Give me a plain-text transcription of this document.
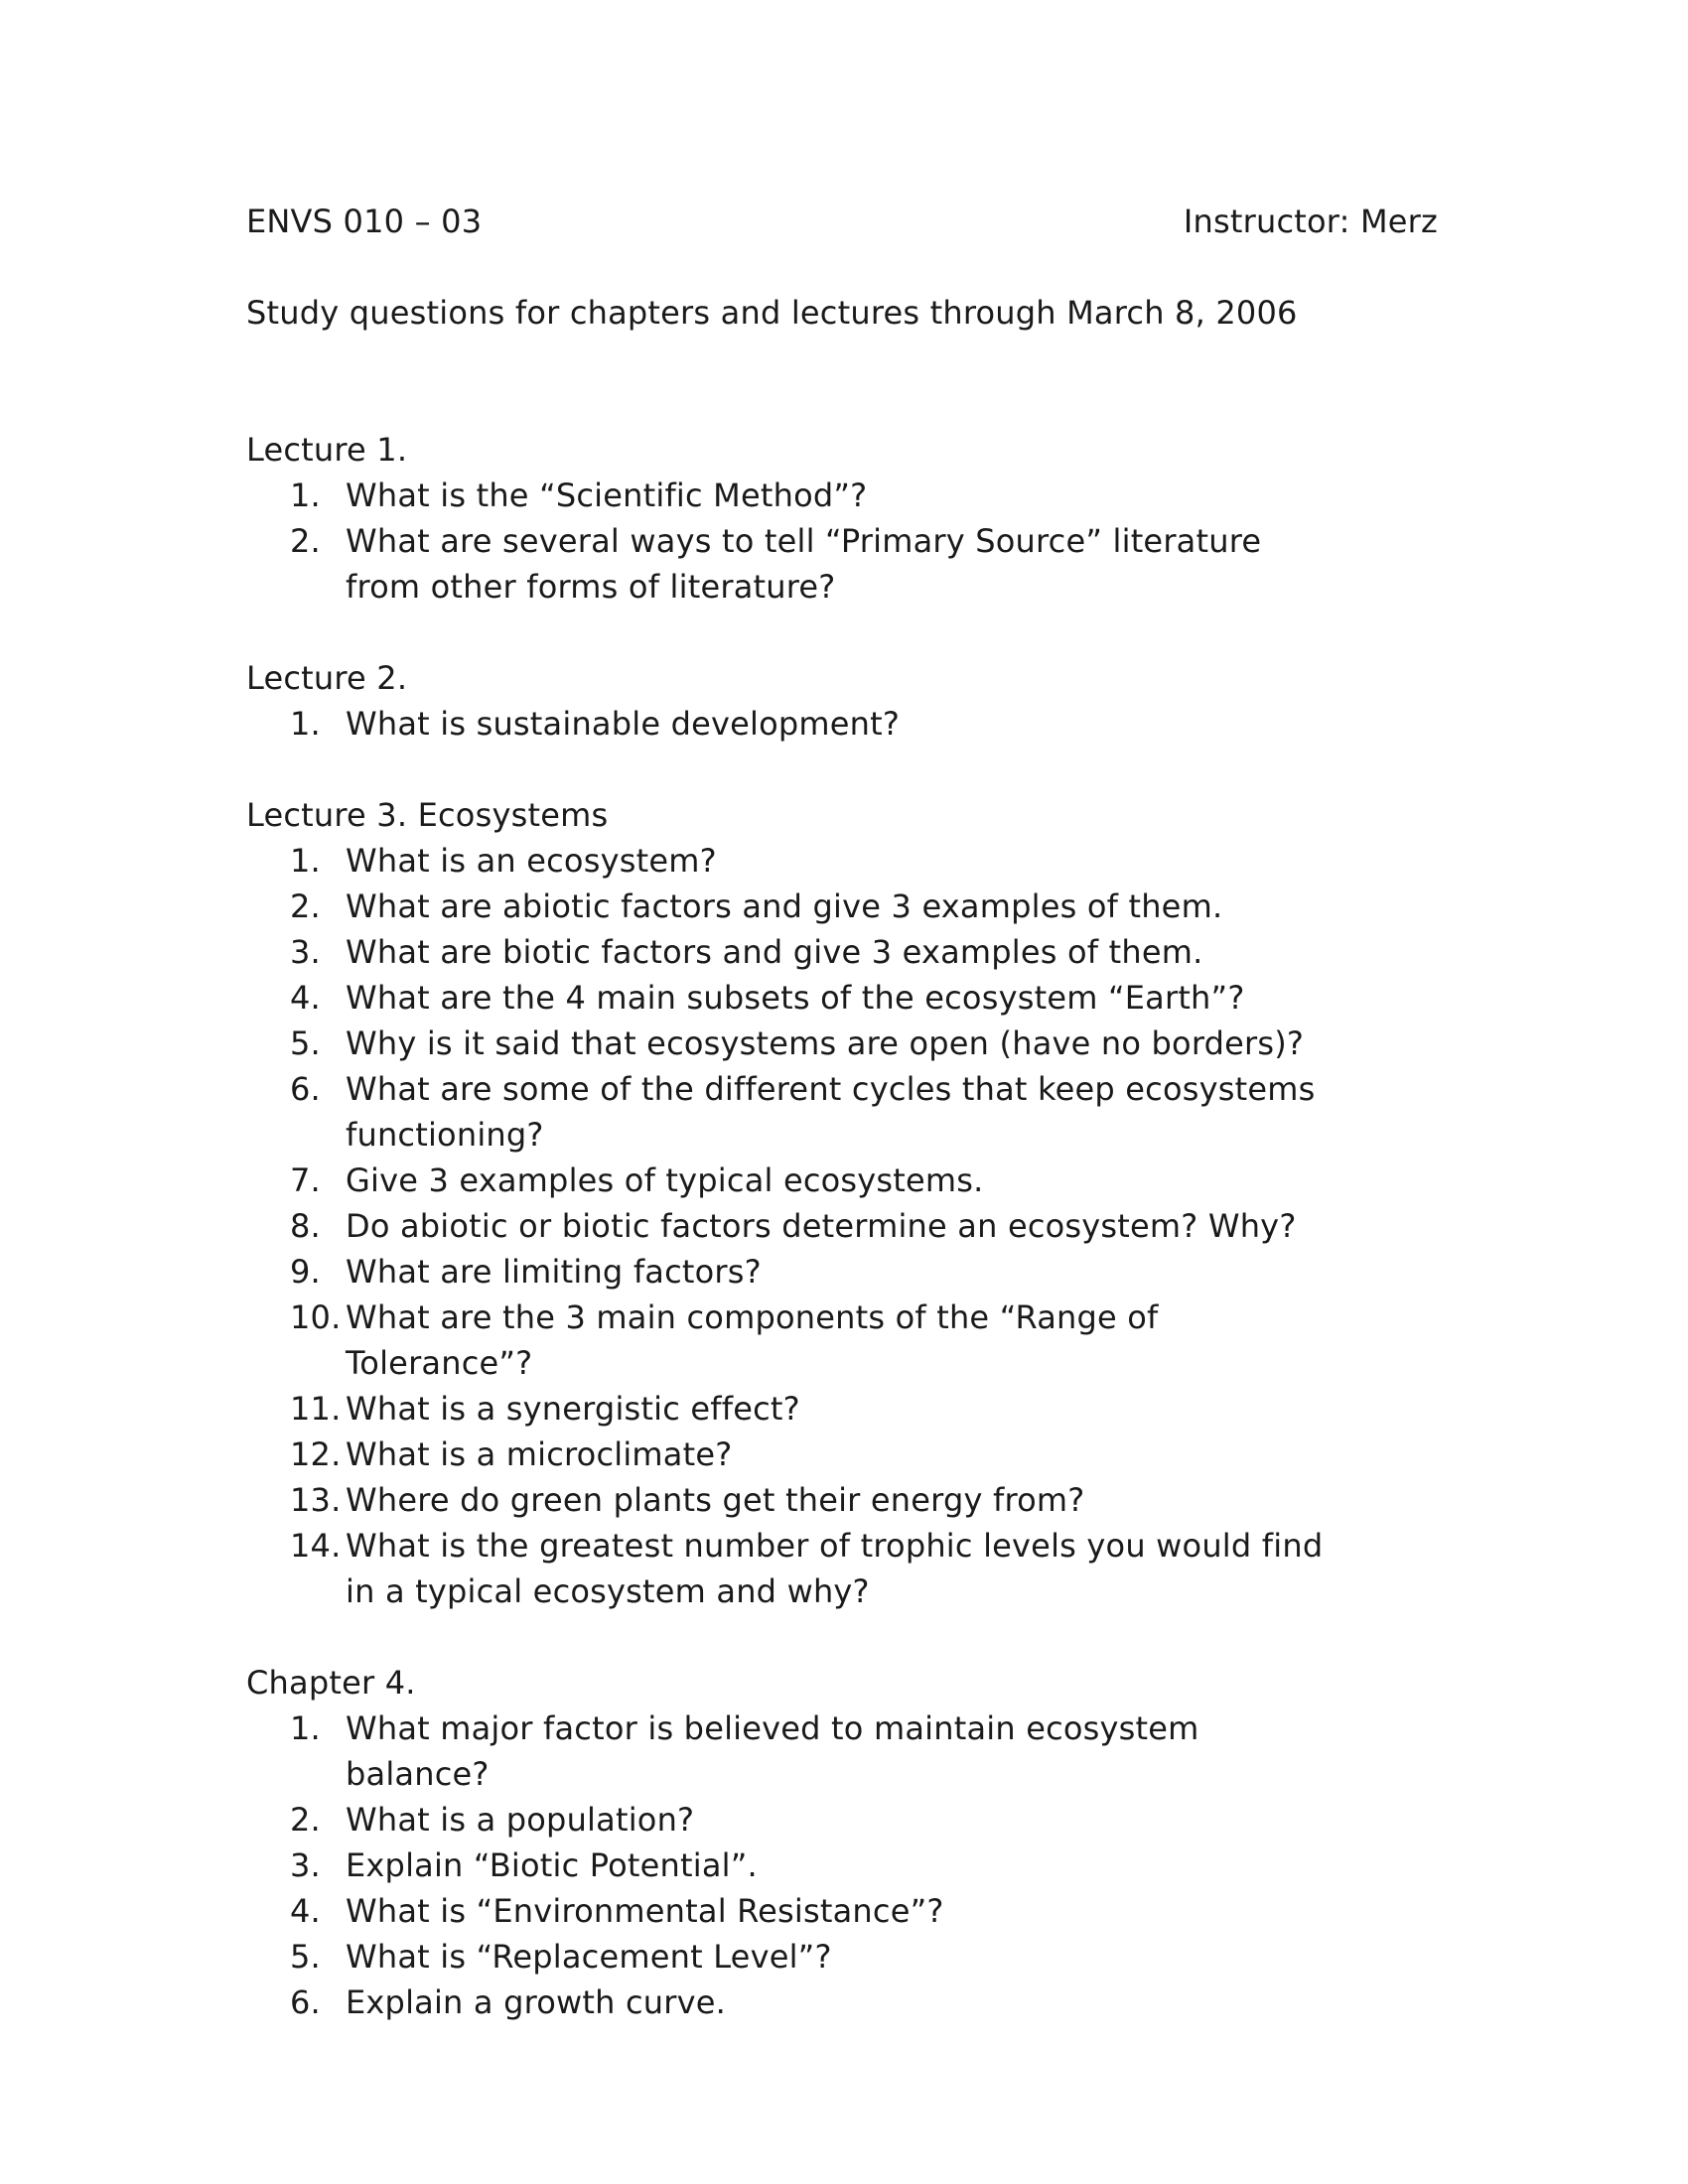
ENVS 010 – 03	Instructor: Merz
Study questions for chapters and lectures through March 8, 2006
Lecture 1.
1. What is the “Scientific Method”?
2. What are several ways to tell “Primary Source” literature from other forms of literature?
Lecture 2.
1. What is sustainable development?
Lecture 3. Ecosystems
1. What is an ecosystem?
2. What are abiotic factors and give 3 examples of them.
3. What are biotic factors and give 3 examples of them.
4. What are the 4 main subsets of the ecosystem “Earth”?
5. Why is it said that ecosystems are open (have no borders)?
6. What are some of the different cycles that keep ecosystems functioning?
7. Give 3 examples of typical ecosystems.
8. Do abiotic or biotic factors determine an ecosystem? Why?
9. What are limiting factors?
10. What are the 3 main components of the “Range of Tolerance”?
11. What is a synergistic effect?
12. What is a microclimate?
13. Where do green plants get their energy from?
14. What is the greatest number of trophic levels you would find in a typical ecosystem and why?
Chapter 4.
1. What major factor is believed to maintain ecosystem balance?
2. What is a population?
3. Explain “Biotic Potential”.
4. What is “Environmental Resistance”?
5. What is “Replacement Level”?
6. Explain a growth curve.
